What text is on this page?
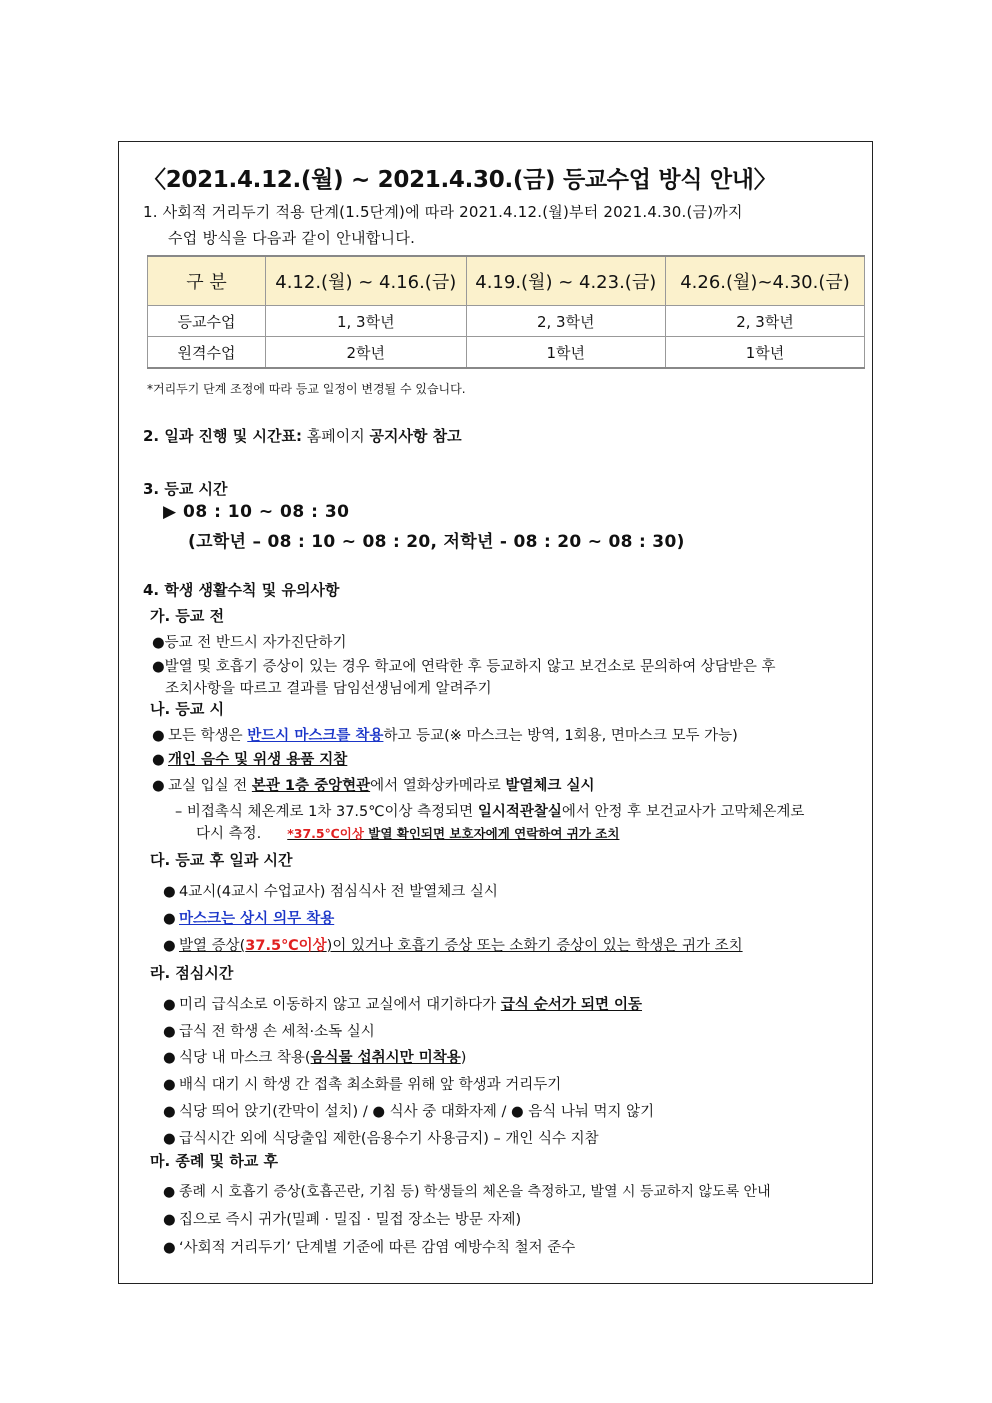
〈2021.4.12.(월) ~ 2021.4.30.(금) 등교수업 방식 안내〉
1. 사회적 거리두기 적용 단계(1.5단계)에 따라 2021.4.12.(월)부터 2021.4.30.(금)까지
수업 방식을 다음과 같이 안내합니다.
구 분	4.12.(월) ~ 4.16.(금)	4.19.(월) ~ 4.23.(금)	4.26.(월)~4.30.(금)
등교수업	1, 3학년	2, 3학년	2, 3학년
원격수업	2학년	1학년	1학년
*거리두기 단계 조정에 따라 등교 일정이 변경될 수 있습니다.
2. 일과 진행 및 시간표: 홈페이지 공지사항 참고
3. 등교 시간
▶ 08 : 10 ~ 08 : 30
(고학년 – 08 : 10 ~ 08 : 20, 저학년 - 08 : 20 ~ 08 : 30)
4. 학생 생활수칙 및 유의사항
가. 등교 전
●등교 전 반드시 자가진단하기
●발열 및 호흡기 증상이 있는 경우 학교에 연락한 후 등교하지 않고 보건소로 문의하여 상담받은 후
조치사항을 따르고 결과를 담임선생님에게 알려주기
나. 등교 시
● 모든 학생은 반드시 마스크를 착용하고 등교(※ 마스크는 방역, 1회용, 면마스크 모두 가능)
● 개인 음수 및 위생 용품 지참
● 교실 입실 전 본관 1층 중앙현관에서 열화상카메라로 발열체크 실시
– 비접촉식 체온계로 1차 37.5℃이상 측정되면 일시적관찰실에서 안정 후 보건교사가 고막체온계로
다시 측정. *37.5℃이상 발열 확인되면 보호자에게 연락하여 귀가 조치
다. 등교 후 일과 시간
● 4교시(4교시 수업교사) 점심식사 전 발열체크 실시
● 마스크는 상시 의무 착용
● 발열 증상(37.5℃이상)이 있거나 호흡기 증상 또는 소화기 증상이 있는 학생은 귀가 조치
라. 점심시간
● 미리 급식소로 이동하지 않고 교실에서 대기하다가 급식 순서가 되면 이동
● 급식 전 학생 손 세척·소독 실시
● 식당 내 마스크 착용(음식물 섭취시만 미착용)
● 배식 대기 시 학생 간 접촉 최소화를 위해 앞 학생과 거리두기
● 식당 띄어 앉기(칸막이 설치) / ● 식사 중 대화자제 / ● 음식 나눠 먹지 않기
● 급식시간 외에 식당출입 제한(음용수기 사용금지) – 개인 식수 지참
마. 종례 및 하교 후
● 종례 시 호흡기 증상(호흡곤란, 기침 등) 학생들의 체온을 측정하고, 발열 시 등교하지 않도록 안내
● 집으로 즉시 귀가(밀폐 · 밀집 · 밀접 장소는 방문 자제)
● ‘사회적 거리두기’ 단계별 기준에 따른 감염 예방수칙 철저 준수
